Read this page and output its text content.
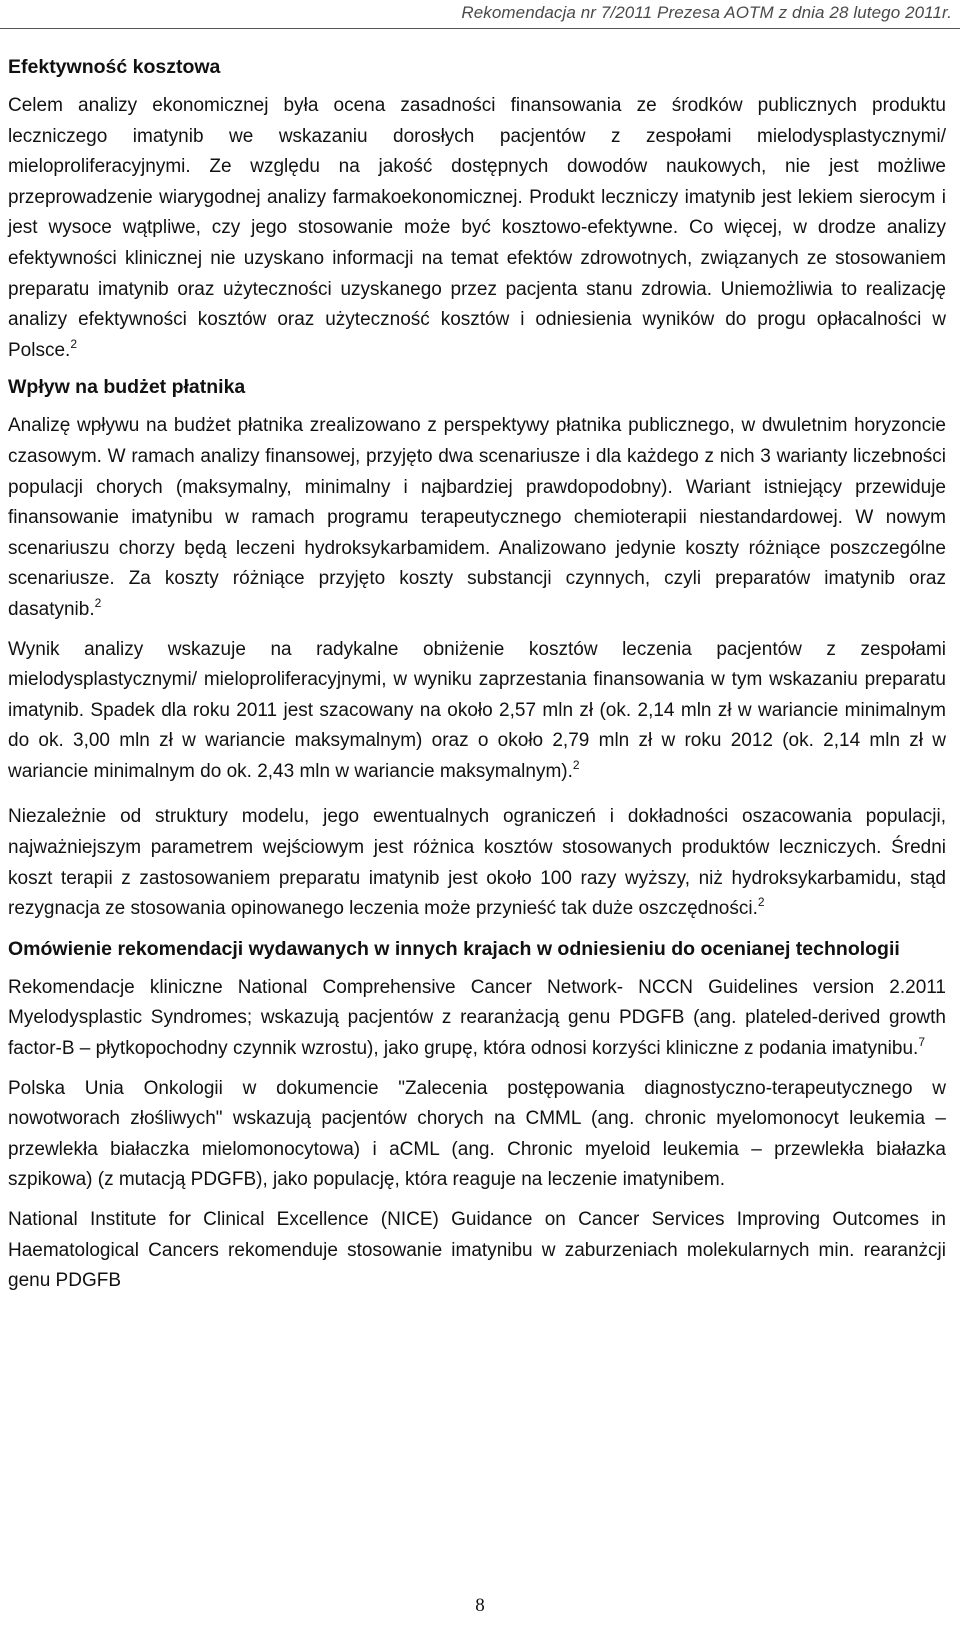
Rekomendacja nr 7/2011 Prezesa AOTM z dnia 28 lutego 2011r.
Efektywność kosztowa

Celem analizy ekonomicznej była ocena zasadności finansowania ze środków publicznych produktu leczniczego imatynib we wskazaniu dorosłych pacjentów z zespołami mielodysplastycznymi/ mieloproliferacyjnymi. Ze względu na jakość dostępnych dowodów naukowych, nie jest możliwe przeprowadzenie wiarygodnej analizy farmakoekonomicznej. Produkt leczniczy imatynib jest lekiem sierocym i jest wysoce wątpliwe, czy jego stosowanie może być kosztowo-efektywne. Co więcej, w drodze analizy efektywności klinicznej nie uzyskano informacji na temat efektów zdrowotnych, związanych ze stosowaniem preparatu imatynib oraz użyteczności uzyskanego przez pacjenta stanu zdrowia. Uniemożliwia to realizację analizy efektywności kosztów oraz użyteczność kosztów i odniesienia wyników do progu opłacalności w Polsce.$^2$

Wpływ na budżet płatnika

Analizę wpływu na budżet płatnika zrealizowano z perspektywy płatnika publicznego, w dwuletnim horyzoncie czasowym. W ramach analizy finansowej, przyjęto dwa scenariusze i dla każdego z nich 3 warianty liczebności populacji chorych (maksymalny, minimalny i najbardziej prawdopodobny). Wariant istniejący przewiduje finansowanie imatynibu w ramach programu terapeutycznego chemioterapii niestandardowej. W nowym scenariuszu chorzy będą leczeni hydroksykarbamidem. Analizowano jedynie koszty różniące poszczególne scenariusze. Za koszty różniące przyjęto koszty substancji czynnych, czyli preparatów imatynib oraz dasatynib.$^2$

Wynik analizy wskazuje na radykalne obniżenie kosztów leczenia pacjentów z zespołami mielodysplastycznymi/ mieloproliferacyjnymi, w wyniku zaprzestania finansowania w tym wskazaniu preparatu imatynib. Spadek dla roku 2011 jest szacowany na około 2,57 mln zł (ok. 2,14 mln zł w wariancie minimalnym do ok. 3,00 mln zł w wariancie maksymalnym) oraz o około 2,79 mln zł w roku 2012 (ok. 2,14 mln zł w wariancie minimalnym do ok. 2,43 mln w wariancie maksymalnym).$^2$

Niezależnie od struktury modelu, jego ewentualnych ograniczeń i dokładności oszacowania populacji, najważniejszym parametrem wejściowym jest różnica kosztów stosowanych produktów leczniczych. Średni koszt terapii z zastosowaniem preparatu imatynib jest około 100 razy wyższy, niż hydroksykarbamidu, stąd rezygnacja ze stosowania opinowanego leczenia może przynieść tak duże oszczędności.$^2$

Omówienie rekomendacji wydawanych w innych krajach w odniesieniu do ocenianej technologii

Rekomendacje kliniczne National Comprehensive Cancer Network- NCCN Guidelines version 2.2011 Myelodysplastic Syndromes; wskazują pacjentów z rearanżacją genu PDGFB (ang. plateled-derived growth factor-B – płytkopochodny czynnik wzrostu), jako grupę, która odnosi korzyści kliniczne z podania imatynibu.$^7$

Polska Unia Onkologii w dokumencie "Zalecenia postępowania diagnostyczno-terapeutycznego w nowotworach złośliwych" wskazują pacjentów chorych na CMML (ang. chronic myelomonocyt leukemia – przewlekła białaczka mielomonocytowa) i aCML (ang. Chronic myeloid leukemia – przewlekła białazka szpikowa) (z mutacją PDGFB), jako populację, która reaguje na leczenie imatynibem.

National Institute for Clinical Excellence (NICE) Guidance on Cancer Services Improving Outcomes in Haematological Cancers rekomenduje stosowanie imatynibu w zaburzeniach molekularnych min. rearanżcji genu PDGFB

8
